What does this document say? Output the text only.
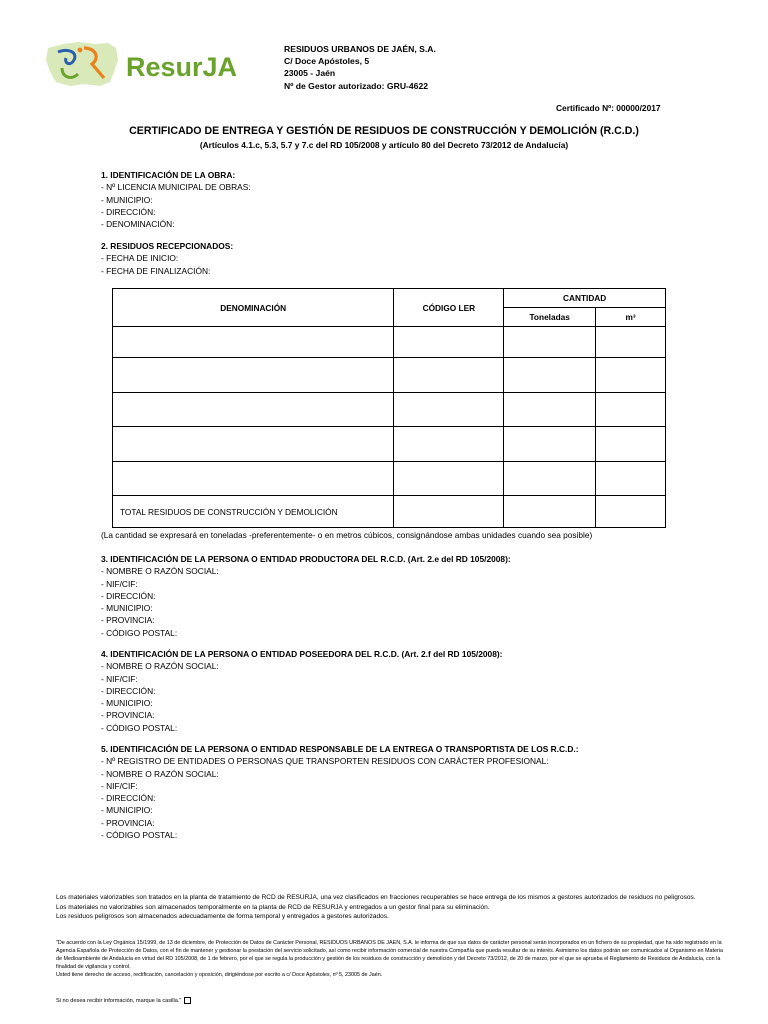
ResurJA
RESIDUOS URBANOS DE JAÉN, S.A.
C/ Doce Apóstoles, 5
23005 - Jaén
Nº de Gestor autorizado: GRU-4622
Certificado Nº: 00000/2017
CERTIFICADO DE ENTREGA Y GESTIÓN DE RESIDUOS DE CONSTRUCCIÓN Y DEMOLICIÓN (R.C.D.)
(Artículos 4.1.c, 5.3, 5.7 y 7.c del RD 105/2008 y artículo 80 del Decreto 73/2012 de Andalucía)
1. IDENTIFICACIÓN DE LA OBRA:
- Nº LICENCIA MUNICIPAL DE OBRAS:
- MUNICIPIO:
- DIRECCIÓN:
- DENOMINACIÓN:
2. RESIDUOS RECEPCIONADOS:
- FECHA DE INICIO:
- FECHA DE FINALIZACIÓN:
DENOMINACIÓN	CÓDIGO LER	CANTIDAD	
		Toneladas	m³

TOTAL RESIDUOS DE CONSTRUCCIÓN Y DEMOLICIÓN			
(La cantidad se expresará en toneladas -preferentemente- o en metros cúbicos, consignándose ambas unidades cuando sea posible)
3. IDENTIFICACIÓN DE LA PERSONA O ENTIDAD PRODUCTORA DEL R.C.D. (Art. 2.e del RD 105/2008):
- NOMBRE O RAZÓN SOCIAL:
- NIF/CIF:
- DIRECCIÓN:
- MUNICIPIO:
- PROVINCIA:
- CÓDIGO POSTAL:
4. IDENTIFICACIÓN DE LA PERSONA O ENTIDAD POSEEDORA DEL R.C.D. (Art. 2.f del RD 105/2008):
- NOMBRE O RAZÓN SOCIAL:
- NIF/CIF:
- DIRECCIÓN:
- MUNICIPIO:
- PROVINCIA:
- CÓDIGO POSTAL:
5. IDENTIFICACIÓN DE LA PERSONA O ENTIDAD RESPONSABLE DE LA ENTREGA O TRANSPORTISTA DE LOS R.C.D.:
- Nº REGISTRO DE ENTIDADES O PERSONAS QUE TRANSPORTEN RESIDUOS CON CARÁCTER PROFESIONAL:
- NOMBRE O RAZÓN SOCIAL:
- NIF/CIF:
- DIRECCIÓN:
- MUNICIPIO:
- PROVINCIA:
- CÓDIGO POSTAL:

Los materiales valorizables son tratados en la planta de tratamiento de RCD de RESURJA, una vez clasificados en fracciones recuperables se hace entrega de los mismos a gestores autorizados de residuos no peligrosos.

Los materiales no valorizables son almacenados temporalmente en la planta de RCD de RESURJA y entregados a un gestor final para su eliminación.

Los residuos peligrosos son almacenados adecuadamente de forma temporal y entregados a gestores autorizados.

"De acuerdo con la Ley Orgánica 15/1999, de 13 de diciembre, de Protección de Datos de Carácter Personal, RESIDUOS URBANOS DE JAEN, S.A. le informa de que sus datos de carácter personal serán incorporados en un fichero de su propiedad, que ha sido registrado en la Agencia Española de Protección de Datos, con el fin de mantener y gestionar la prestación del servicio solicitado, así como recibir información comercial de nuestra Compañía que pueda resultar de su interés. Asimismo los datos podrán ser comunicados al Organismo en Materia de Medioambiente de Andalucía en virtud del RD 105/2008, de 1 de febrero, por el que se regula la producción y gestión de los residuos de construcción y demolición y del Decreto 73/2012, de 20 de marzo, por el que se aprueba el Reglamento de Residuos de Andalucía, con la finalidad de vigilancia y control.

Usted tiene derecho de acceso, rectificación, cancelación y oposición, dirigiéndose por escrito a c/ Doce Apóstoles, nº 5, 23005 de Jaén.

Si no desea recibir información, marque la casilla."
